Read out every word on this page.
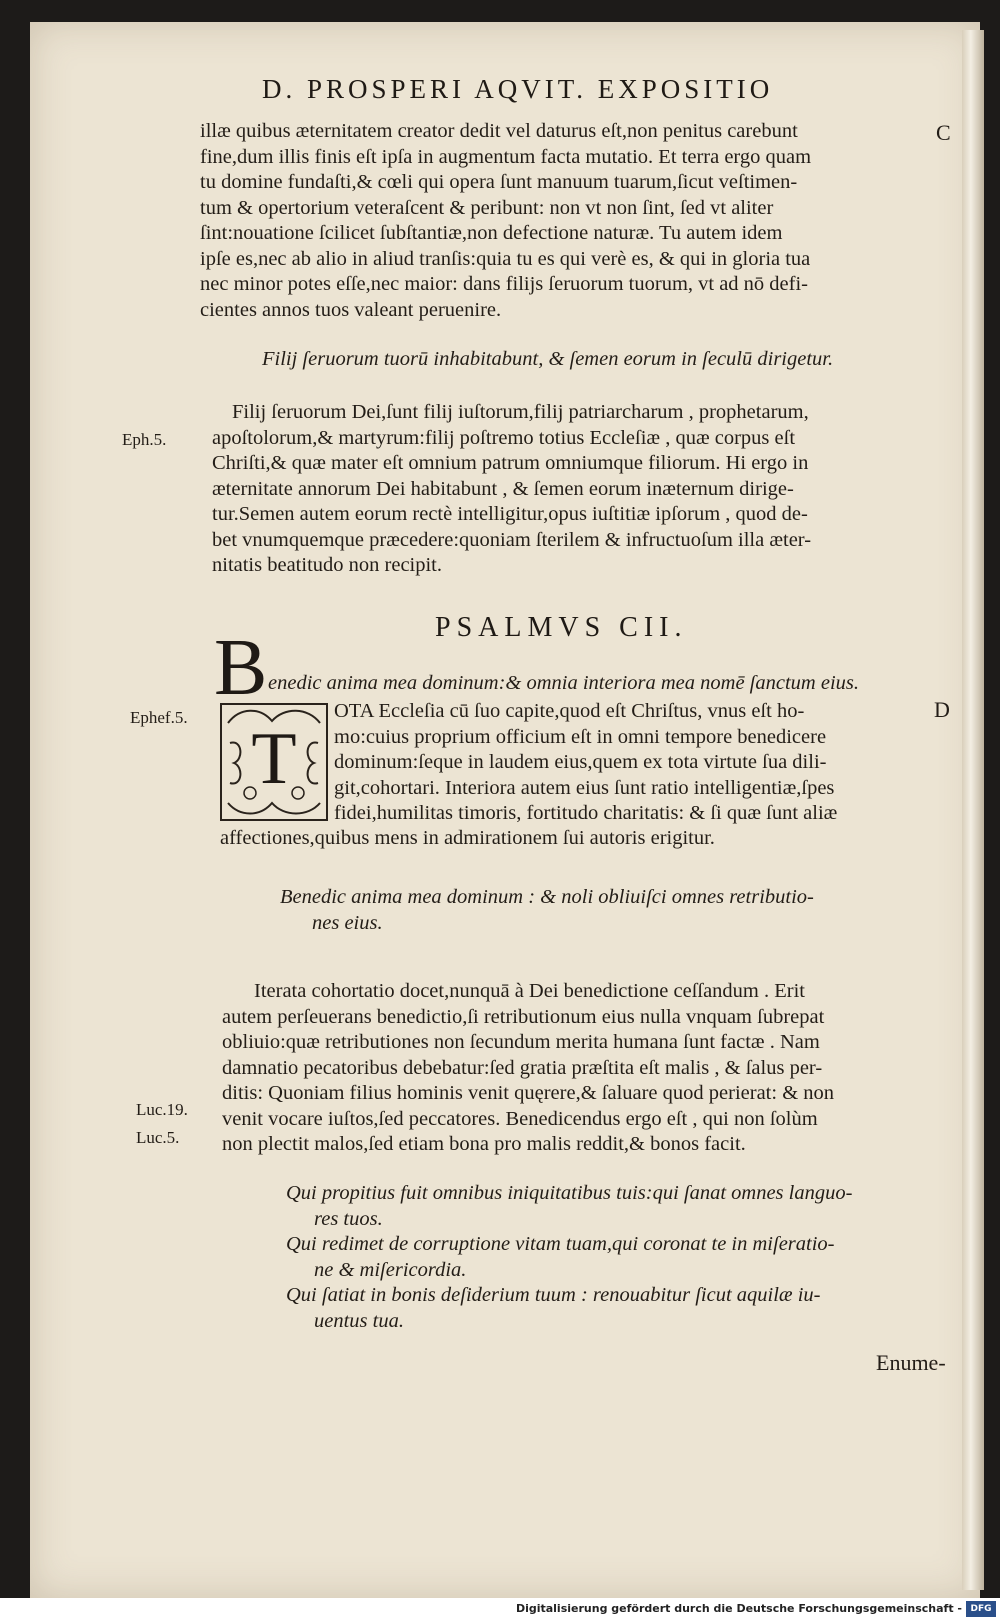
D. PROSPERI AQVIT. EXPOSITIO
C
D

illæ quibus æternitatem creator dedit vel daturus eſt,non penitus carebunt

fine,dum illis finis eſt ipſa in augmentum facta mutatio. Et terra ergo quam

tu domine fundaſti,& cœli qui opera ſunt manuum tuarum,ſicut veſtimen-

tum & opertorium veteraſcent & peribunt: non vt non ſint, ſed vt aliter

ſint:nouatione ſcilicet ſubſtantiæ,non defectione naturæ. Tu autem idem

ipſe es,nec ab alio in aliud tranſis:quia tu es qui verè es, & qui in gloria tua

nec minor potes eſſe,nec maior: dans filijs ſeruorum tuorum, vt ad nō defi-

cientes annos tuos valeant peruenire.

Filij ſeruorum tuorū inhabitabunt, & ſemen eorum in ſeculū dirigetur.

Filij ſeruorum Dei,ſunt filij iuſtorum,filij patriarcharum , prophetarum,

apoſtolorum,& martyrum:filij poſtremo totius Eccleſiæ , quæ corpus eſt

Chriſti,& quæ mater eſt omnium patrum omniumque filiorum. Hi ergo in

æternitate annorum Dei habitabunt , & ſemen eorum inæternum dirige-

tur.Semen autem eorum rectè intelligitur,opus iuſtitiæ ipſorum , quod de-

bet vnumquemque præcedere:quoniam ſterilem & infructuoſum illa æter-

nitatis beatitudo non recipit.

Eph.5.
PSALMVS CII.
B enedic anima mea dominum:& omnia interiora mea nomē ſanctum eius.

Ephef.5.
T

OTA Eccleſia cū ſuo capite,quod eſt Chriſtus, vnus eſt ho-

mo:cuius proprium officium eſt in omni tempore benedicere

dominum:ſeque in laudem eius,quem ex tota virtute ſua dili-

git,cohortari. Interiora autem eius ſunt ratio intelligentiæ,ſpes

fidei,humilitas timoris, fortitudo charitatis: & ſi quæ ſunt aliæ

affectiones,quibus mens in admirationem ſui autoris erigitur.

Benedic anima mea dominum : & noli obliuiſci omnes retributio-

nes eius.

Iterata cohortatio docet,nunquā à Dei benedictione ceſſandum . Erit

autem perſeuerans benedictio,ſi retributionum eius nulla vnquam ſubrepat

obliuio:quæ retributiones non ſecundum merita humana ſunt factæ . Nam

damnatio pecatoribus debebatur:ſed gratia præſtita eſt malis , & ſalus per-

ditis: Quoniam filius hominis venit quęrere,& ſaluare quod perierat: & non

venit vocare iuſtos,ſed peccatores. Benedicendus ergo eſt , qui non ſolùm

non plectit malos,ſed etiam bona pro malis reddit,& bonos facit.

Luc.19.
Luc.5.

Qui propitius fuit omnibus iniquitatibus tuis:qui ſanat omnes languo-

res tuos.

Qui redimet de corruptione vitam tuam,qui coronat te in miſeratio-

ne & miſericordia.

Qui ſatiat in bonis deſiderium tuum : renouabitur ſicut aquilæ iu-

uentus tua.

Enume-
Digitalisierung gefördert durch die Deutsche Forschungsgemeinschaft - DFG
